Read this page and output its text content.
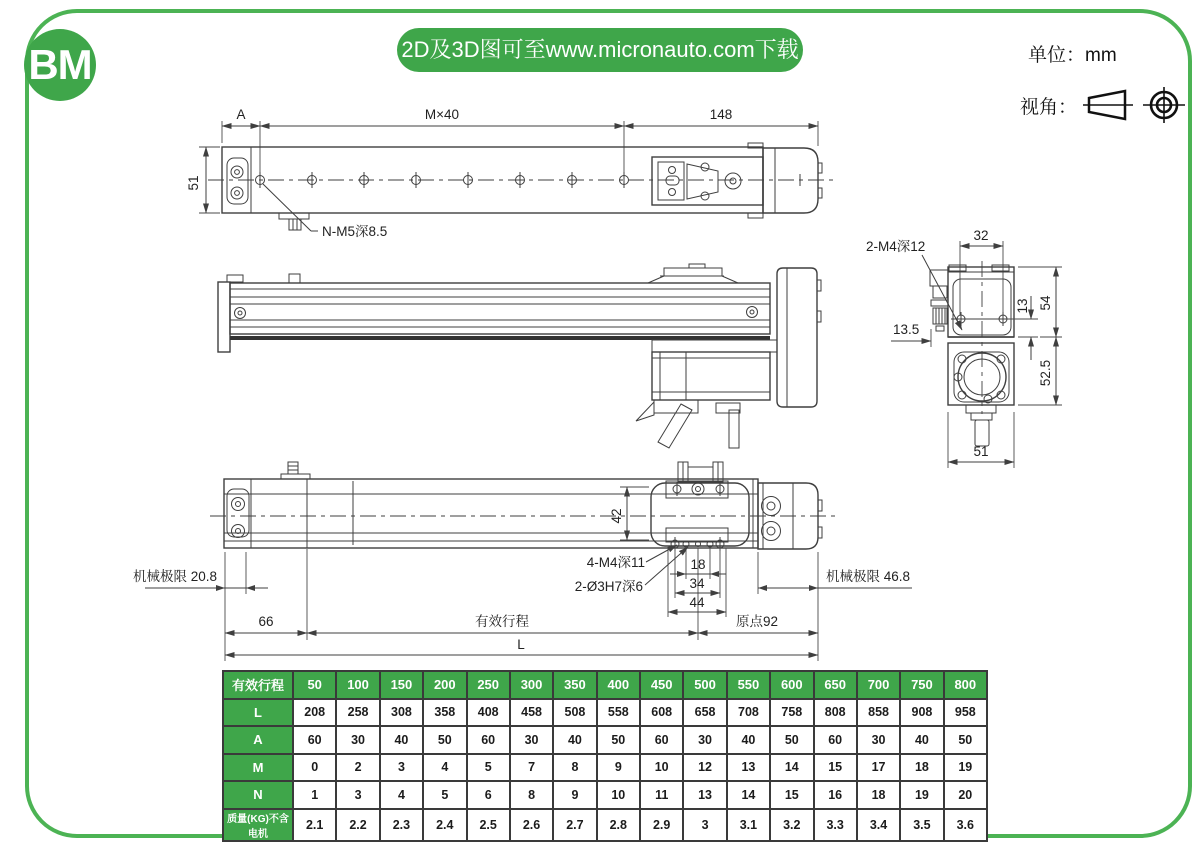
BM	2D及3D图可至www.micronauto.com下载	单位：mm
视角：
A	M×40	148
51
N-M5深8.5	32
2-M4深12
13.5
13 54
52.5
51
42
机械极限 20.8	机械极限 46.8
66	有效行程	原点92
L
18
34
44
4-M4深11
2-Ø3H7深6
有效行程	50	100	150	200	250	300	350	400	450	500	550	600	650	700	750	800
L	208	258	308	358	408	458	508	558	608	658	708	758	808	858	908	958
A	60	30	40	50	60	30	40	50	60	30	40	50	60	30	40	50
M	0	2	3	4	5	7	8	9	10	12	13	14	15	17	18	19
N	1	3	4	5	6	8	9	10	11	13	14	15	16	18	19	20
质量(KG)不含电机	2.1	2.2	2.3	2.4	2.5	2.6	2.7	2.8	2.9	3	3.1	3.2	3.3	3.4	3.5	3.6
